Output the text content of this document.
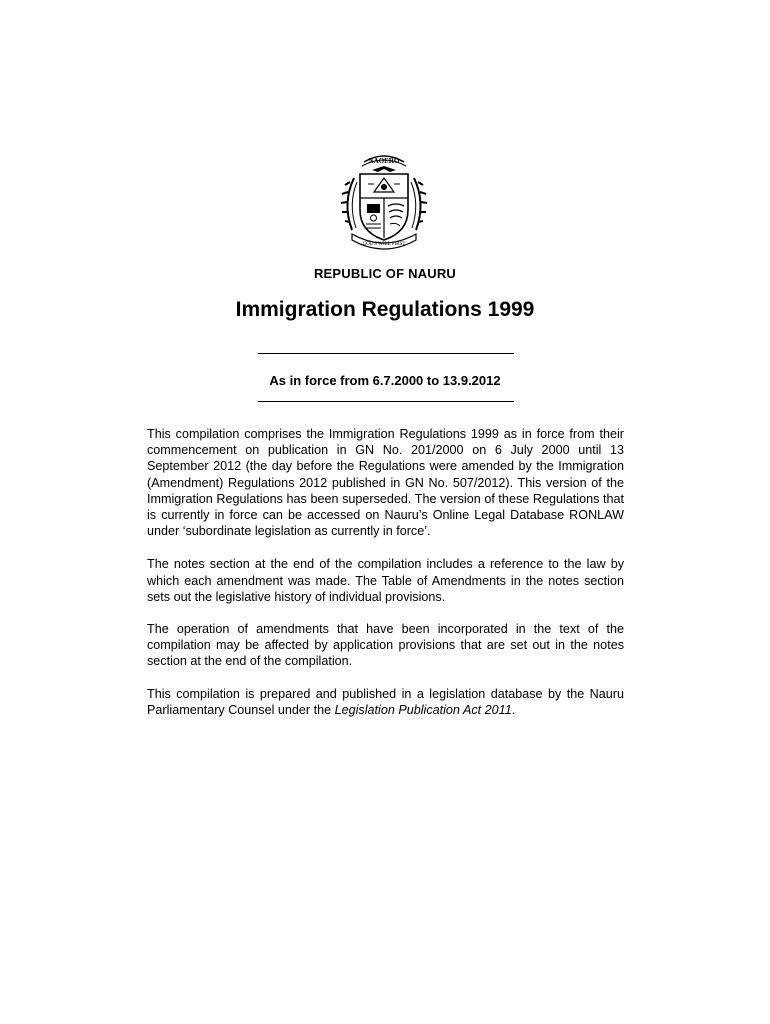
NAOERO
GOD'S WILL FIRST
REPUBLIC OF NAURU
Immigration Regulations 1999
As in force from 6.7.2000 to 13.9.2012

This compilation comprises the Immigration Regulations 1999 as in force from their commencement on publication in GN No. 201/2000 on 6 July 2000 until 13 September 2012 (the day before the Regulations were amended by the Immigration (Amendment) Regulations 2012 published in GN No. 507/2012). This version of the Immigration Regulations has been superseded. The version of these Regulations that is currently in force can be accessed on Nauru’s Online Legal Database RONLAW under ‘subordinate legislation as currently in force’.

The notes section at the end of the compilation includes a reference to the law by which each amendment was made. The Table of Amendments in the notes section sets out the legislative history of individual provisions.

The operation of amendments that have been incorporated in the text of the compilation may be affected by application provisions that are set out in the notes section at the end of the compilation.

This compilation is prepared and published in a legislation database by the Nauru Parliamentary Counsel under the Legislation Publication Act 2011.
